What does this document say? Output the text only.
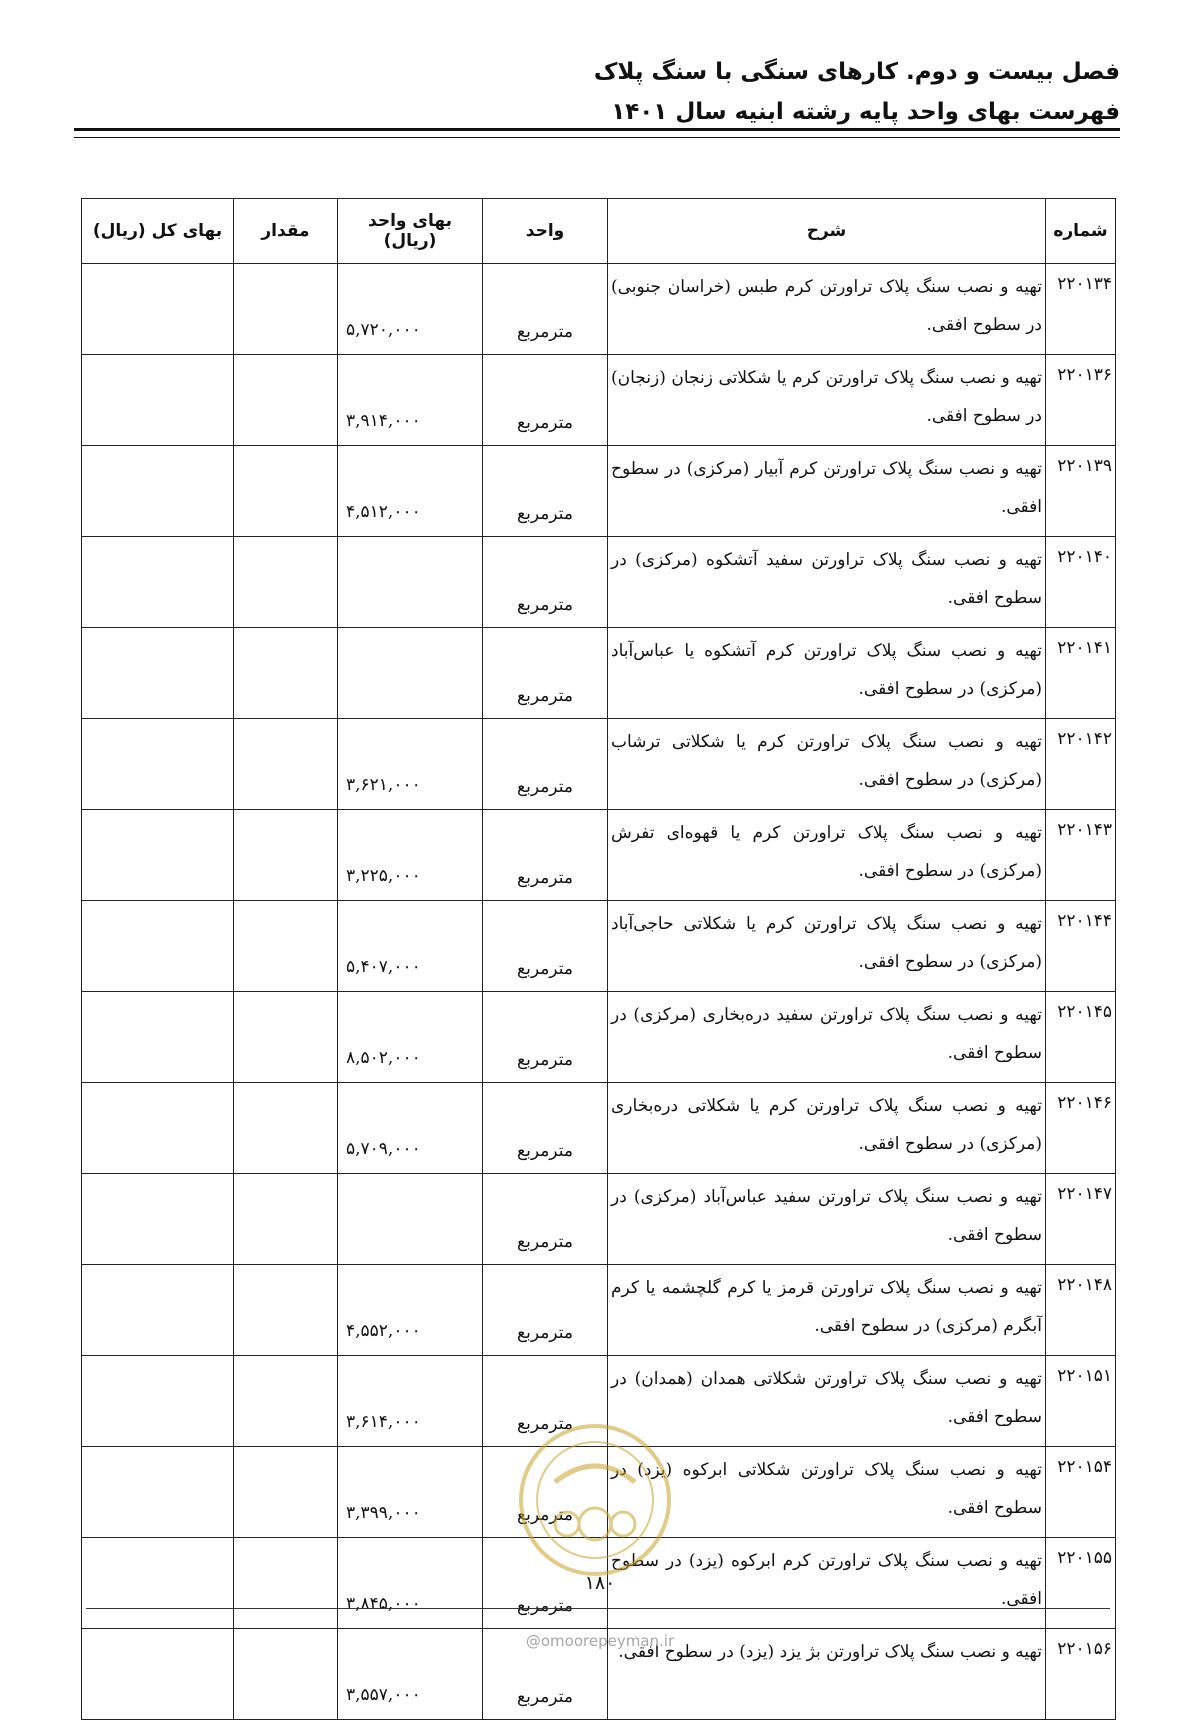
فصل بیست و دوم. کارهای سنگی با سنگ پلاک
فهرست بهای واحد پایه رشته ابنیه سال ۱۴۰۱
شماره	شرح	واحد	بهای واحد (ریال)	مقدار	بهای کل (ریال)
۲۲۰۱۳۴	تهیه و نصب سنگ پلاک تراورتن کرم طبس (خراسان جنوبی) در سطوح افقی.	مترمربع	۵,۷۲۰,۰۰۰		
۲۲۰۱۳۶	تهیه و نصب سنگ پلاک تراورتن کرم یا شکلاتی زنجان (زنجان) در سطوح افقی.	مترمربع	۳,۹۱۴,۰۰۰		
۲۲۰۱۳۹	تهیه و نصب سنگ پلاک تراورتن کرم آبیار (مرکزی) در سطوح افقی.	مترمربع	۴,۵۱۲,۰۰۰		
۲۲۰۱۴۰	تهیه و نصب سنگ پلاک تراورتن سفید آتشکوه (مرکزی) در سطوح افقی.	مترمربع			
۲۲۰۱۴۱	تهیه و نصب سنگ پلاک تراورتن کرم آتشکوه یا عباس‌آباد (مرکزی) در سطوح افقی.	مترمربع			
۲۲۰۱۴۲	تهیه و نصب سنگ پلاک تراورتن کرم یا شکلاتی ترشاب (مرکزی) در سطوح افقی.	مترمربع	۳,۶۲۱,۰۰۰		
۲۲۰۱۴۳	تهیه و نصب سنگ پلاک تراورتن کرم یا قهوه‌ای تفرش (مرکزی) در سطوح افقی.	مترمربع	۳,۲۲۵,۰۰۰		
۲۲۰۱۴۴	تهیه و نصب سنگ پلاک تراورتن کرم یا شکلاتی حاجی‌آباد (مرکزی) در سطوح افقی.	مترمربع	۵,۴۰۷,۰۰۰		
۲۲۰۱۴۵	تهیه و نصب سنگ پلاک تراورتن سفید دره‌بخاری (مرکزی) در سطوح افقی.	مترمربع	۸,۵۰۲,۰۰۰		
۲۲۰۱۴۶	تهیه و نصب سنگ پلاک تراورتن کرم یا شکلاتی دره‌بخاری (مرکزی) در سطوح افقی.	مترمربع	۵,۷۰۹,۰۰۰		
۲۲۰۱۴۷	تهیه و نصب سنگ پلاک تراورتن سفید عباس‌آباد (مرکزی) در سطوح افقی.	مترمربع			
۲۲۰۱۴۸	تهیه و نصب سنگ پلاک تراورتن قرمز یا کرم گلچشمه یا کرم آبگرم (مرکزی) در سطوح افقی.	مترمربع	۴,۵۵۲,۰۰۰		
۲۲۰۱۵۱	تهیه و نصب سنگ پلاک تراورتن شکلاتی همدان (همدان) در سطوح افقی.	مترمربع	۳,۶۱۴,۰۰۰		
۲۲۰۱۵۴	تهیه و نصب سنگ پلاک تراورتن شکلاتی ابرکوه (یزد) در سطوح افقی.	مترمربع	۳,۳۹۹,۰۰۰		
۲۲۰۱۵۵	تهیه و نصب سنگ پلاک تراورتن کرم ابرکوه (یزد) در سطوح افقی.	مترمربع	۳,۸۴۵,۰۰۰		
۲۲۰۱۵۶	تهیه و نصب سنگ پلاک تراورتن بژ یزد (یزد) در سطوح افقی.	مترمربع	۳,۵۵۷,۰۰۰		
۱۸۰
@omoorepeyman.ir
